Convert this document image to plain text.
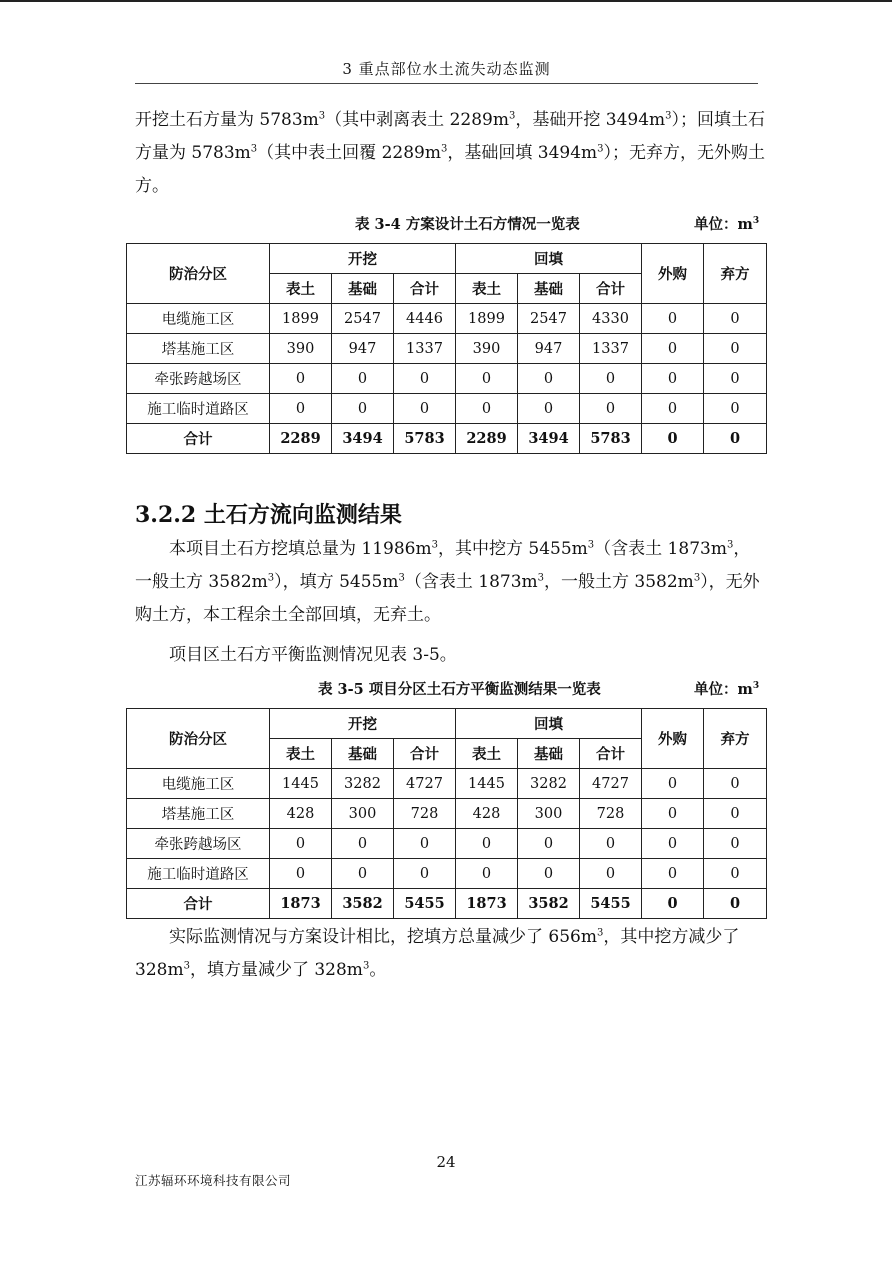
3 重点部位水土流失动态监测
开挖土石方量为 $5783m^3$（其中剥离表土 $2289m^3$，基础开挖 $3494m^3$）；回填土石方量为 $5783m^3$（其中表土回覆 $2289m^3$，基础回填 $3494m^3$）；无弃方，无外购土方。
表 3-4 方案设计土石方情况一览表	单位：$m^3$
防治分区	开挖			回填			外购	弃方
	表土	基础	合计	表土	基础	合计		
电缆施工区	1899	2547	4446	1899	2547	4330	0	0
塔基施工区	390	947	1337	390	947	1337	0	0
牵张跨越场区	0	0	0	0	0	0	0	0
施工临时道路区	0	0	0	0	0	0	0	0
合计	2289	3494	5783	2289	3494	5783	0	0
3.2.2 土石方流向监测结果
本项目土石方挖填总量为 $11986m^3$，其中挖方 $5455m^3$（含表土 $1873m^3$，一般土方 $3582m^3$），填方 $5455m^3$（含表土 $1873m^3$，一般土方 $3582m^3$），无外购土方，本工程余土全部回填，无弃土。
项目区土石方平衡监测情况见表 3-5。
表 3-5 项目分区土石方平衡监测结果一览表	单位：$m^3$
防治分区	开挖			回填			外购	弃方
	表土	基础	合计	表土	基础	合计		
电缆施工区	1445	3282	4727	1445	3282	4727	0	0
塔基施工区	428	300	728	428	300	728	0	0
牵张跨越场区	0	0	0	0	0	0	0	0
施工临时道路区	0	0	0	0	0	0	0	0
合计	1873	3582	5455	1873	3582	5455	0	0
实际监测情况与方案设计相比，挖填方总量减少了 $656m^3$，其中挖方减少了 $328m^3$，填方量减少了 $328m^3$。
24
江苏辐环环境科技有限公司
